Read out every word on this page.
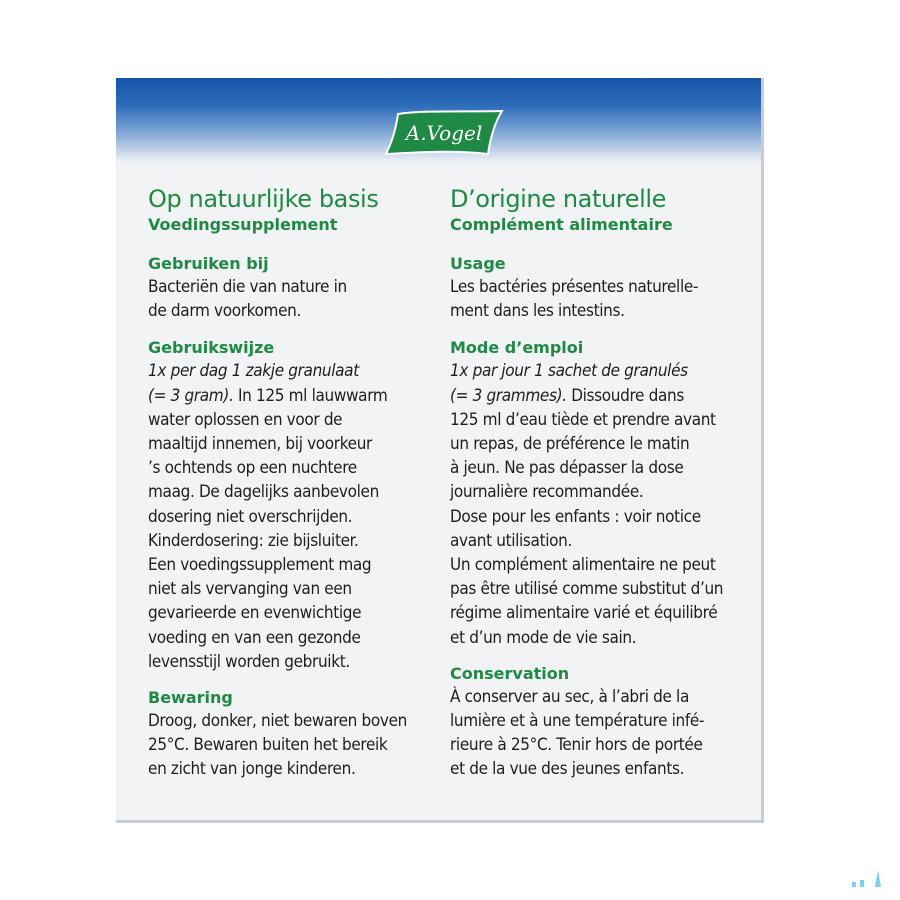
A.Vogel
Op natuurlijke basis
Voedingssupplement
Gebruiken bij

Bacteriën die van nature in
de darm voorkomen.

Gebruikswijze

1x per dag 1 zakje granulaat
(= 3 gram). In 125 ml lauwwarm
water oplossen en voor de
maaltijd innemen, bij voorkeur
’s ochtends op een nuchtere
maag. De dagelijks aanbevolen
dosering niet overschrijden.
Kinderdosering: zie bijsluiter.
Een voedingssupplement mag
niet als vervanging van een
gevarieerde en evenwichtige
voeding en van een gezonde
levensstijl worden gebruikt.

Bewaring

Droog, donker, niet bewaren boven
25°C. Bewaren buiten het bereik
en zicht van jonge kinderen.

D’origine naturelle
Complément alimentaire
Usage

Les bactéries présentes naturelle-
ment dans les intestins.

Mode d’emploi

1x par jour 1 sachet de granulés
(= 3 grammes). Dissoudre dans
125 ml d’eau tiède et prendre avant
un repas, de préférence le matin
à jeun. Ne pas dépasser la dose
journalière recommandée.
Dose pour les enfants : voir notice
avant utilisation.
Un complément alimentaire ne peut
pas être utilisé comme substitut d’un
régime alimentaire varié et équilibré
et d’un mode de vie sain.

Conservation

À conserver au sec, à l’abri de la
lumière et à une température infé-
rieure à 25°C. Tenir hors de portée
et de la vue des jeunes enfants.
